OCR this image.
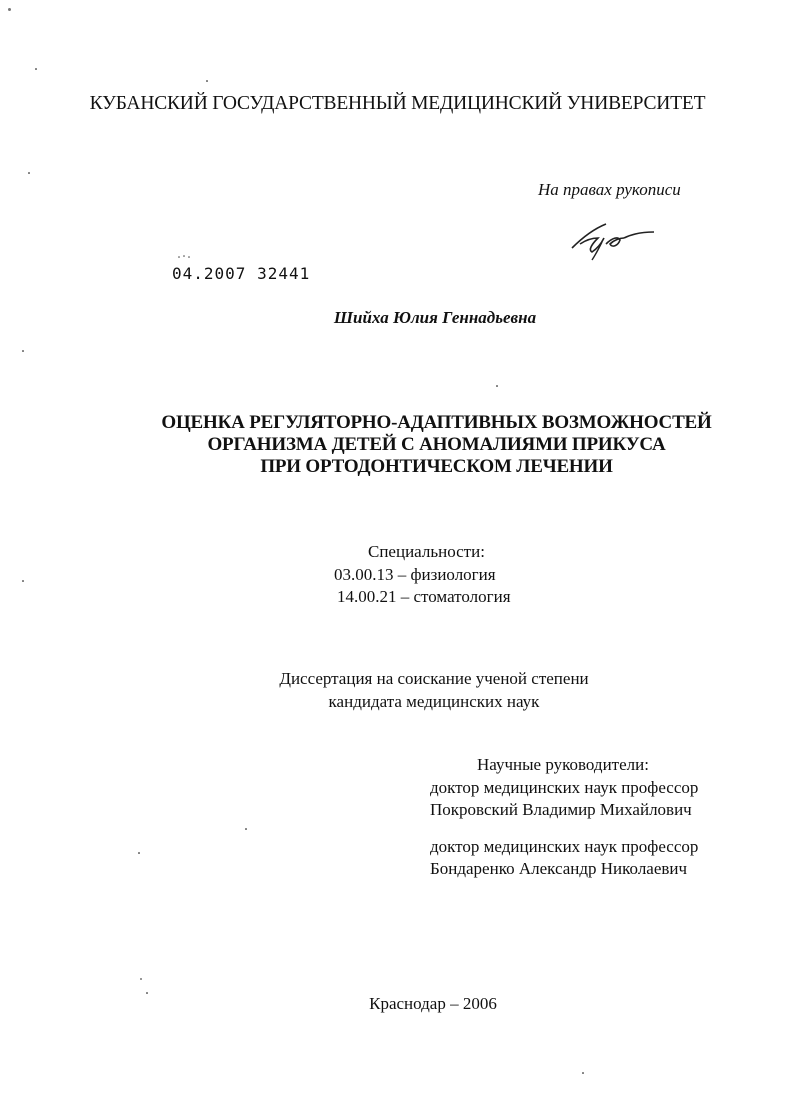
КУБАНСКИЙ ГОСУДАРСТВЕННЫЙ МЕДИЦИНСКИЙ УНИВЕРСИТЕТ
На правах рукописи
04.2007 32441
Шийха Юлия Геннадьевна
ОЦЕНКА РЕГУЛЯТОРНО-АДАПТИВНЫХ ВОЗМОЖНОСТЕЙ
ОРГАНИЗМА ДЕТЕЙ С АНОМАЛИЯМИ ПРИКУСА
ПРИ ОРТОДОНТИЧЕСКОМ ЛЕЧЕНИИ
Специальности:
03.00.13 – физиология
14.00.21 – стоматология
Диссертация на соискание ученой степени
кандидата медицинских наук
Научные руководители:
доктор медицинских наук профессор
Покровский Владимир Михайлович
доктор медицинских наук профессор
Бондаренко Александр Николаевич
Краснодар – 2006
